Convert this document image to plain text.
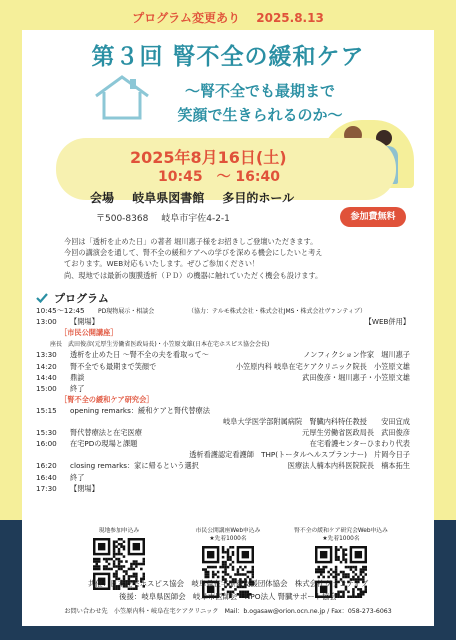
プログラム変更あり 2025.8.13
第３回 腎不全の緩和ケア
〜腎不全でも最期まで
笑顔で生きられるのか〜
2025年8月16日(土)
10:45　〜 16:40
会場 岐阜県図書館 多目的ホール
〒500-8368 岐阜市宇佐4-2-1	参加費無料
今回は「透析を止めた日」の著者 堀川惠子様をお招きしご登壇いただきます。
今回の講演会を通して、腎不全の緩和ケアへの学びを深める機会にしたいと考え
ております。WEB対応もいたします。ぜひご参加ください！
尚、現地では最新の腹膜透析（ＰＤ）の機器に触れていただく機会も設けます。
プログラム
10:45〜12:45 PD現物展示・相談会	（協力：テルモ株式会社・株式会社JMS・株式会社ヴァンティブ）
13:00 【開場】	【WEB併用】
［市民公開講座］
座長　武田俊彦(元厚生労働省医政局長)・小笠原文雄(日本在宅ホスピス協会会長)
13:30 透析を止めた日 〜腎不全の夫を看取って〜	ノンフィクション作家　堀川惠子
14:20 腎不全でも最期まで笑顔で	小笠原内科 岐阜在宅ケアクリニック院長　小笠原文雄
14:40 鼎談	武田俊彦・堀川惠子・小笠原文雄
15:00 終了
［腎不全の緩和ケア研究会］
15:15 opening remarks：緩和ケアと腎代替療法
岐阜大学医学部附属病院　腎臓内科特任教授　　安田宜成
15:30 腎代替療法と在宅医療	元厚生労働省医政局長　武田俊彦
16:00 在宅PDの現場と課題	在宅看護センターひまわり代表
透析看護認定看護師　THP(トータルヘルスプランナー)　片岡今日子
16:20 closing remarks：家に帰るという選択	医療法人楠本内科医院院長　楠本拓生
16:40 終了
17:30 【閉場】
現地参加申込み	市民公開講座Web申込み
★先着1000名
腎不全の緩和ケア研究会Web申込み
★先着1000名
共催：日本在宅ホスピス協会　岐阜県在宅療養支援団体協会　株式会社ヴァンティブ
後援：岐阜県医師会　岐阜市医師会　NPO法人 腎臓サポート協会
お問い合わせ先　小笠原内科・岐阜在宅ケアクリニック　Mail：b.ogasaw@orion.ocn.ne.jp / Fax：058-273-6063
